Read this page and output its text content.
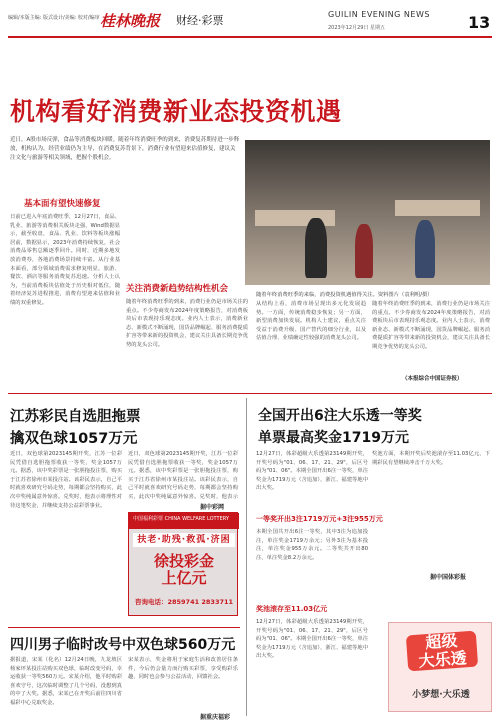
编辑/本版主编: 版式设计/美编: 校对/编审 桂林晚报 财经·彩票	GUILIN EVENING NEWS
2023年12月29日 星期五	13
机构看好消费新业态投资机遇
近日，A股市场反弹，食品等消费板块回暖。随着年终消费旺季的到来，消费复苏期待进一步释放，机构认为，经营业绩仍为主导，在消费复苏背景下，消费行业有望迎来估值修复，建议关注文化与旅游等相关领域，把握个股机会。
基本面有望快速修复
日前已进入年底消费旺季，12月27日，食品、乳业、旅游等消费相关板块走强，Wind数据显示，截至收盘，食品、乳业、饮料等板块涨幅居前，数据显示，2023年消费持续恢复，社会消费品零售总额逐季回升。同时，近期多地发放消费券，各地消费场景持续丰富。从行业基本面看，部分领域消费需求修复明显，旅游、餐饮、酒店等服务消费复苏迅速。分析人士认为，当前消费板块估值处于历史相对低位，随着经济复苏进程推进，消费有望迎来估值和业绩的双重修复。
关注消费新趋势结构性机会
随着年终消费旺季的到来，消费行业仍是市场关注的重点。不少券商发布2024年度策略报告，对消费板块后市表现持乐观态度。业内人士表示，消费新业态、新模式不断涌现，国货品牌崛起、服务消费提质扩容等带来新的投资机会，建议关注具备长期竞争优势的龙头公司。
随着年终消费旺季的来临，消费投资机遇值得关注。资料图片（袁利明/摄）
从结构上看，消费市场呈现出多元化发展趋势。一方面，传统消费稳步恢复；另一方面，新型消费加快发展。机构人士建议，重点关注受益于消费升级、国产替代的细分行业，以及估值合理、业绩确定性较强的消费龙头公司。
随着年终消费旺季的到来，消费行业仍是市场关注的重点。不少券商发布2024年度策略报告，对消费板块后市表现持乐观态度。业内人士表示，消费新业态、新模式不断涌现，国货品牌崛起、服务消费提质扩容等带来新的投资机会，建议关注具备长期竞争优势的龙头公司。
（本报综合中国证券报）
江苏彩民自选胆拖票
擒双色球1057万元
近日，双色球第2023145期开奖，江苏一位彩民凭借自选胆拖票收获一等奖，奖金1057万元。据悉，该中奖彩票是一张胆拖投注票，购买于江苏省徐州市某投注站。该彩民表示，自己平时就喜欢研究号码走势，每期都会坚持购买，此次中奖纯属意外惊喜。兑奖时，他表示将理性对待这笔奖金，并继续支持公益彩票事业。
近日，双色球第2023145期开奖，江苏一位彩民凭借自选胆拖票收获一等奖，奖金1057万元。据悉，该中奖彩票是一张胆拖投注票，购买于江苏省徐州市某投注站。该彩民表示，自己平时就喜欢研究号码走势，每期都会坚持购买，此次中奖纯属意外惊喜。兑奖时，他表示
据中彩网
中国福利彩票 CHINA WELFARE LOTTERY
扶老·助残·救孤·济困
徐投彩金
上亿元
咨询电话：2859741 2833711
四川男子临时改号中双色球560万元
据报道，宋某（化名）12月24日晚，九龙坡区杨家坪某投注站购买双色球，临时改变号码，幸运收获一等奖560万元。宋某介绍，他平时购彩喜欢守号，这次临时调整了几个号码，没想到真的中了大奖。据悉，宋某已在开奖后前往四川省福彩中心兑取奖金。
宋某表示，奖金将用于家庭生活和改善居住条件，今后仍会量力而行购买彩票，享受购彩乐趣，同时也会参与公益活动，回馈社会。
据重庆福彩
全国开出6注大乐透一等奖
单票最高奖金1719万元
12月27日，体彩超级大乐透第23149期开奖，开奖号码为"01、06、17、21、29"，后区号码为"01、06"。本期全国开出6注一等奖，单注奖金为1719万元（含追加），浙江、福建等地中出大奖。
一等奖开出3注1719万元+3注955万元
本期全国共开出6注一等奖，其中3注为追加投注，单注奖金1719万余元；另外3注为基本投注，单注奖金955万余元。二等奖共开出80注，单注奖金8.2万余元。
奖池滚存至11.03亿元
12月27日，体彩超级大乐透第23149期开奖，开奖号码为"01、06、17、21、29"，后区号码为"01、06"。本期全国开出6注一等奖，单注奖金为1719万元（含追加），浙江、福建等地中出大奖。
奖池方面，本期开奖后奖池滚存至11.03亿元，下期彩民有望继续冲击千万大奖。
据中国体彩报
超级
大乐透
小梦想·大乐透
